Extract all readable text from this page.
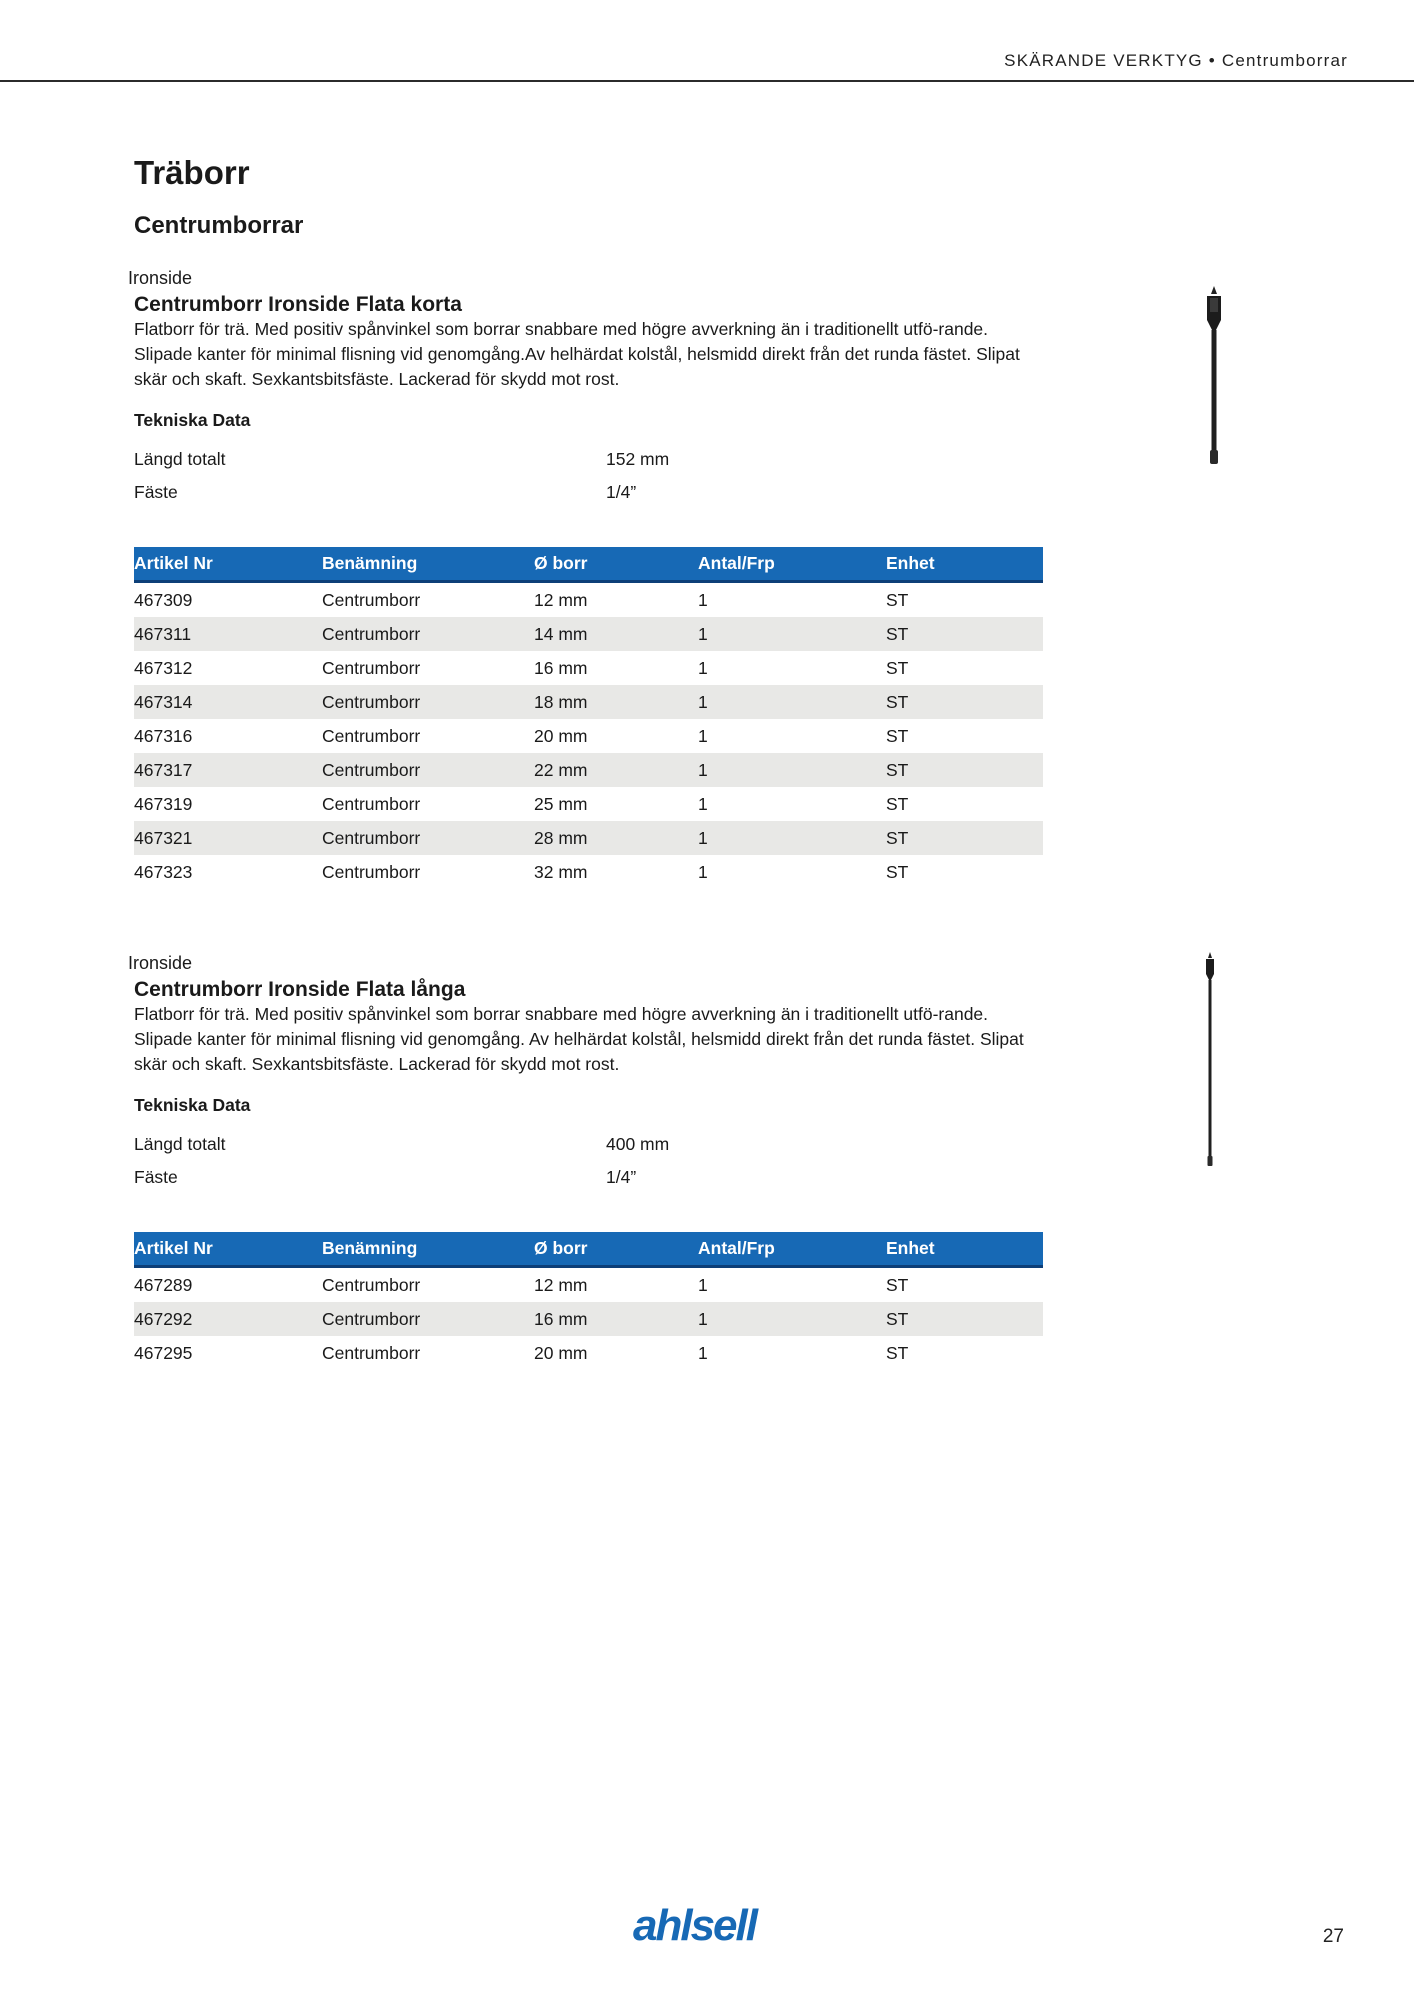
SKÄRANDE VERKTYG • Centrumborrar
Träborr
Centrumborrar

Ironside

Centrumborr Ironside Flata korta

Flatborr för trä. Med positiv spånvinkel som borrar snabbare med högre avverkning än i traditionellt utfö-rande. Slipade kanter för minimal flisning vid genomgång.Av helhärdat kolstål, helsmidd direkt från det runda fästet. Slipat skär och skaft. Sexkantsbitsfäste. Lackerad för skydd mot rost.

Tekniska Data

Längd totalt	152 mm
Fäste	1/4”
Artikel Nr	Benämning	Ø borr	Antal/Frp	Enhet
467309	Centrumborr	12 mm	1	ST
467311	Centrumborr	14 mm	1	ST
467312	Centrumborr	16 mm	1	ST
467314	Centrumborr	18 mm	1	ST
467316	Centrumborr	20 mm	1	ST
467317	Centrumborr	22 mm	1	ST
467319	Centrumborr	25 mm	1	ST
467321	Centrumborr	28 mm	1	ST
467323	Centrumborr	32 mm	1	ST

Ironside

Centrumborr Ironside Flata långa

Flatborr för trä. Med positiv spånvinkel som borrar snabbare med högre avverkning än i traditionellt utfö-rande. Slipade kanter för minimal flisning vid genomgång. Av helhärdat kolstål, helsmidd direkt från det runda fästet. Slipat skär och skaft. Sexkantsbitsfäste. Lackerad för skydd mot rost.

Tekniska Data

Längd totalt	400 mm
Fäste	1/4”
Artikel Nr	Benämning	Ø borr	Antal/Frp	Enhet
467289	Centrumborr	12 mm	1	ST
467292	Centrumborr	16 mm	1	ST
467295	Centrumborr	20 mm	1	ST
ahlsell	27
